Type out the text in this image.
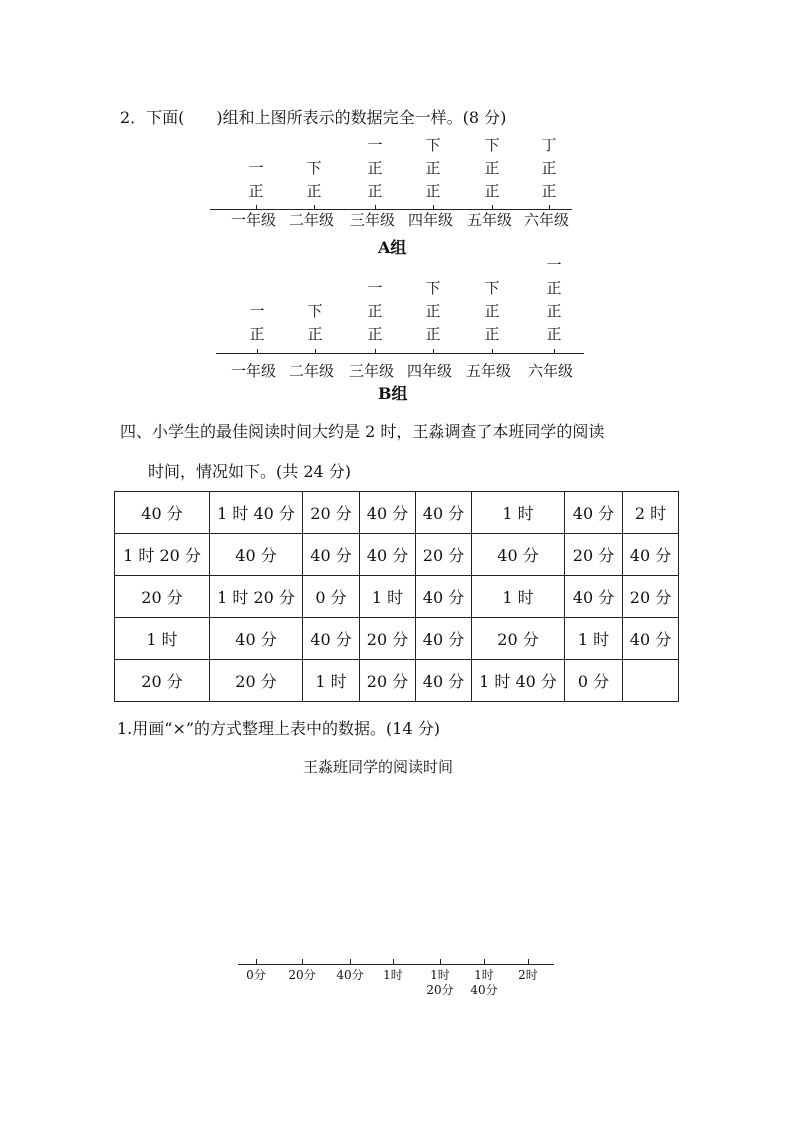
2．下面(　　)组和上图所表示的数据完全一样。(8 分)
正
一
正
下
正
正
一
正
正
下
正
正
下
正
正
丁
一年级 二年级 三年级 四年级 五年级 六年级
A组
正
一
正
下
正
正
一
正
正
下
正
正
下
正
正
正
一
一年级 二年级 三年级 四年级 五年级 六年级
B组
四、小学生的最佳阅读时间大约是 2 时，王淼调查了本班同学的阅读
时间，情况如下。(共 24 分)
40 分	1 时 40 分	20 分	40 分	40 分	1 时	40 分	2 时
1 时 20 分	40 分	40 分	40 分	20 分	40 分	20 分	40 分
20 分	1 时 20 分	0 分	1 时	40 分	1 时	40 分	20 分
1 时	40 分	40 分	20 分	40 分	20 分	1 时	40 分
20 分	20 分	1 时	20 分	40 分	1 时 40 分	0 分	
1.用画“×”的方式整理上表中的数据。(14 分)
王淼班同学的阅读时间
0分	20分	40分	1时	1时
20分
1时
40分
2时
